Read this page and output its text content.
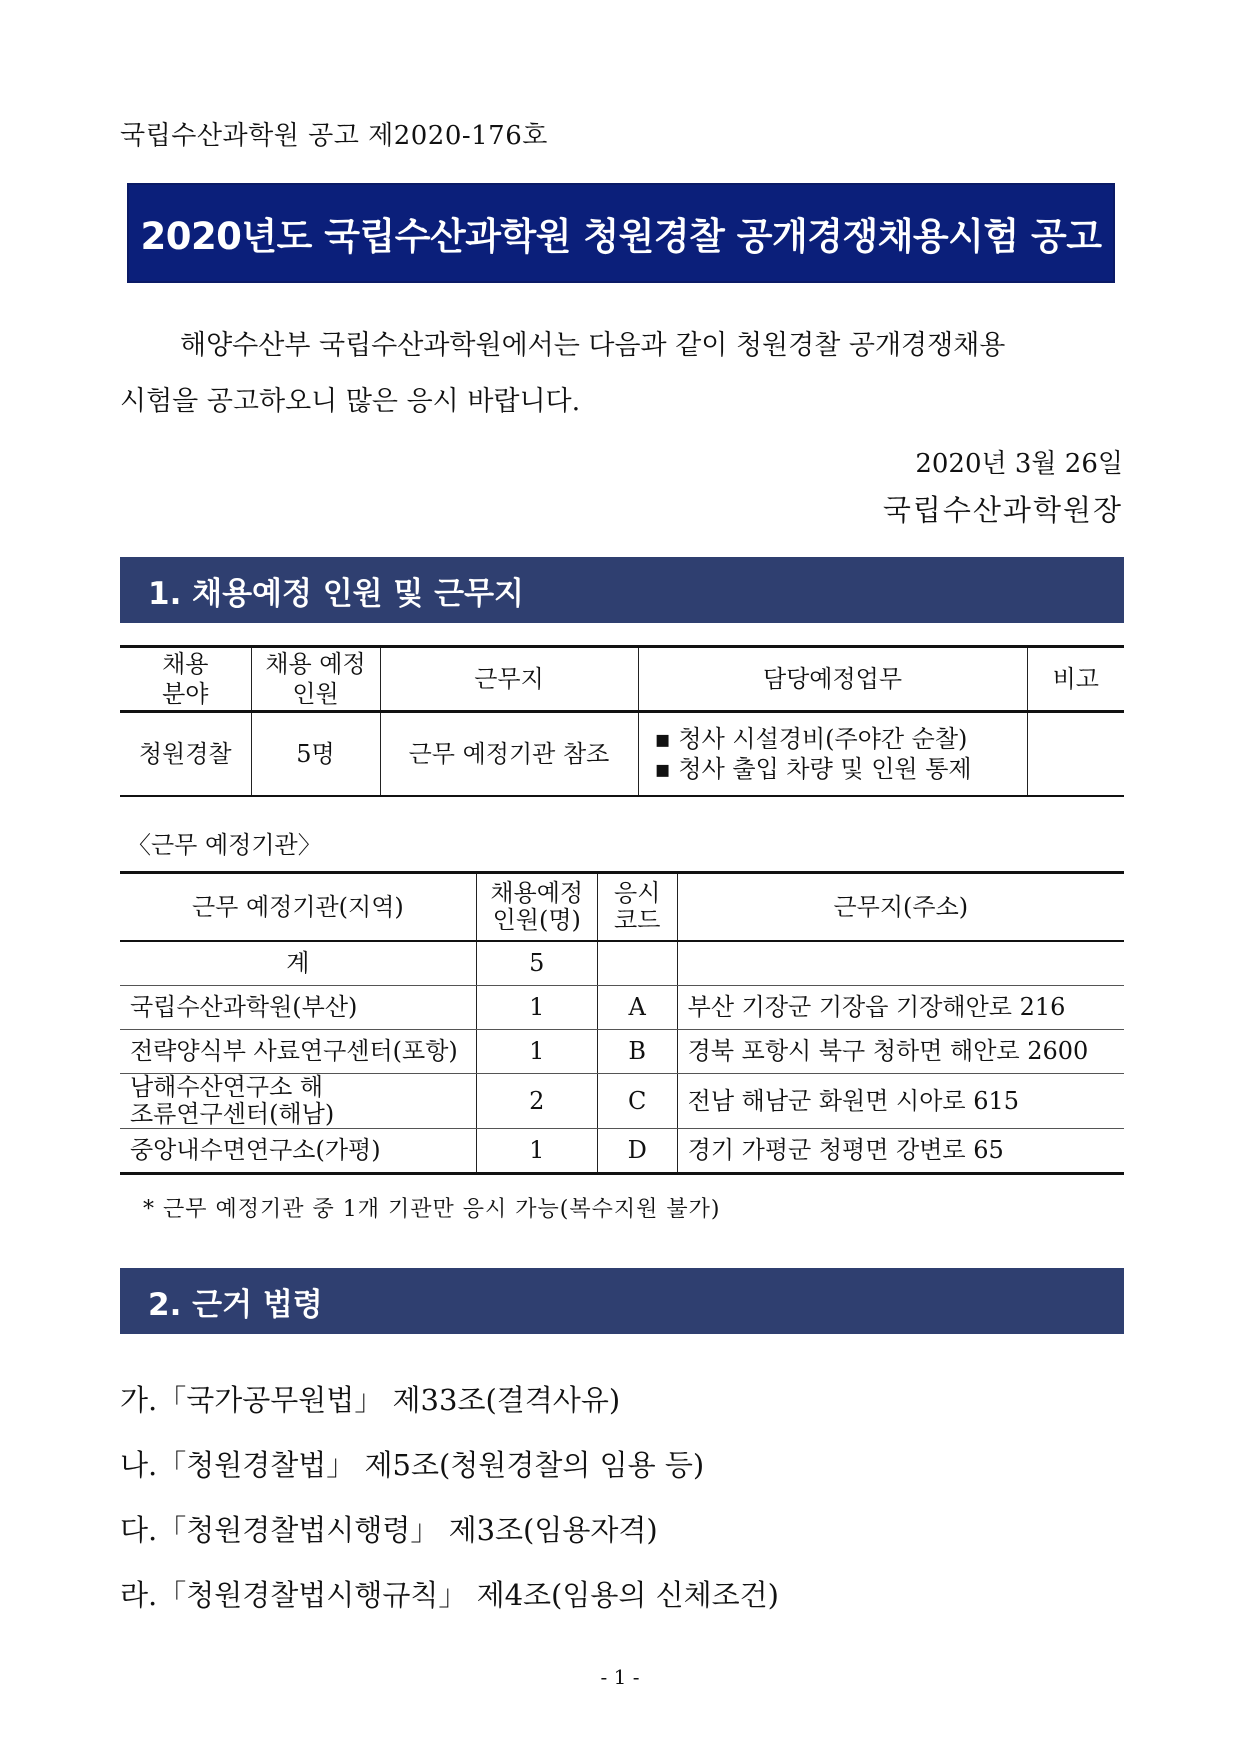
국립수산과학원 공고 제2020-176호
2020년도 국립수산과학원 청원경찰 공개경쟁채용시험 공고
해양수산부 국립수산과학원에서는 다음과 같이 청원경찰 공개경쟁채용
시험을 공고하오니 많은 응시 바랍니다.
2020년 3월 26일
국립수산과학원장
1. 채용예정 인원 및 근무지
채용 분야	채용 예정인원	근무지	담당예정업무	비고
청원경찰	5명	근무 예정기관 참조	▪ 청사 시설경비(주야간 순찰)
▪ 청사 출입 차량 및 인원 통제	

〈근무 예정기관〉
근무 예정기관(지역)	채용예정 인원(명)	응시 코드	근무지(주소)
계	5		
국립수산과학원(부산)	1	A	부산 기장군 기장읍 기장해안로 216
전략양식부 사료연구센터(포항)	1	B	경북 포항시 북구 청하면 해안로 2600
남해수산연구소 해조류연구센터(해남)	2	C	전남 해남군 화원면 시아로 615
중앙내수면연구소(가평)	1	D	경기 가평군 청평면 강변로 65
* 근무 예정기관 중 1개 기관만 응시 가능(복수지원 불가)
2. 근거 법령
가.「국가공무원법」 제33조(결격사유)
나.「청원경찰법」 제5조(청원경찰의 임용 등)
다.「청원경찰법시행령」 제3조(임용자격)
라.「청원경찰법시행규칙」 제4조(임용의 신체조건)
- 1 -
